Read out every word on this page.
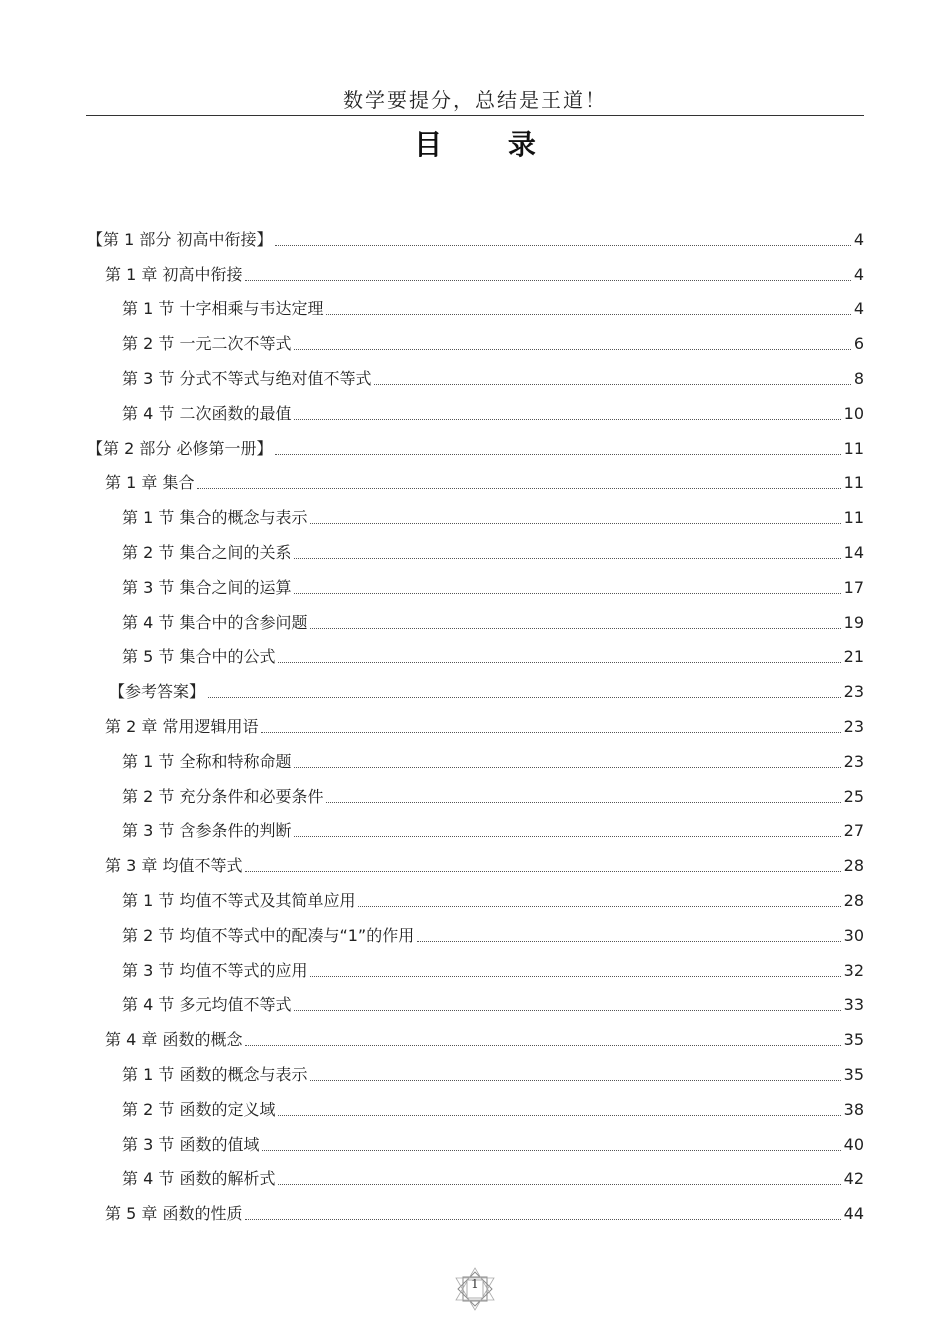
数学要提分，总结是王道！
目 录
【第 1 部分 初高中衔接】	4
第 1 章 初高中衔接	4
第 1 节 十字相乘与韦达定理	4
第 2 节 一元二次不等式	6
第 3 节 分式不等式与绝对值不等式	8
第 4 节 二次函数的最值	10
【第 2 部分 必修第一册】	11
第 1 章 集合	11
第 1 节 集合的概念与表示	11
第 2 节 集合之间的关系	14
第 3 节 集合之间的运算	17
第 4 节 集合中的含参问题	19
第 5 节 集合中的公式	21
【参考答案】	23
第 2 章 常用逻辑用语	23
第 1 节 全称和特称命题	23
第 2 节 充分条件和必要条件	25
第 3 节 含参条件的判断	27
第 3 章 均值不等式	28
第 1 节 均值不等式及其简单应用	28
第 2 节 均值不等式中的配凑与“1”的作用	30
第 3 节 均值不等式的应用	32
第 4 节 多元均值不等式	33
第 4 章 函数的概念	35
第 1 节 函数的概念与表示	35
第 2 节 函数的定义域	38
第 3 节 函数的值域	40
第 4 节 函数的解析式	42
第 5 章 函数的性质	44
1
